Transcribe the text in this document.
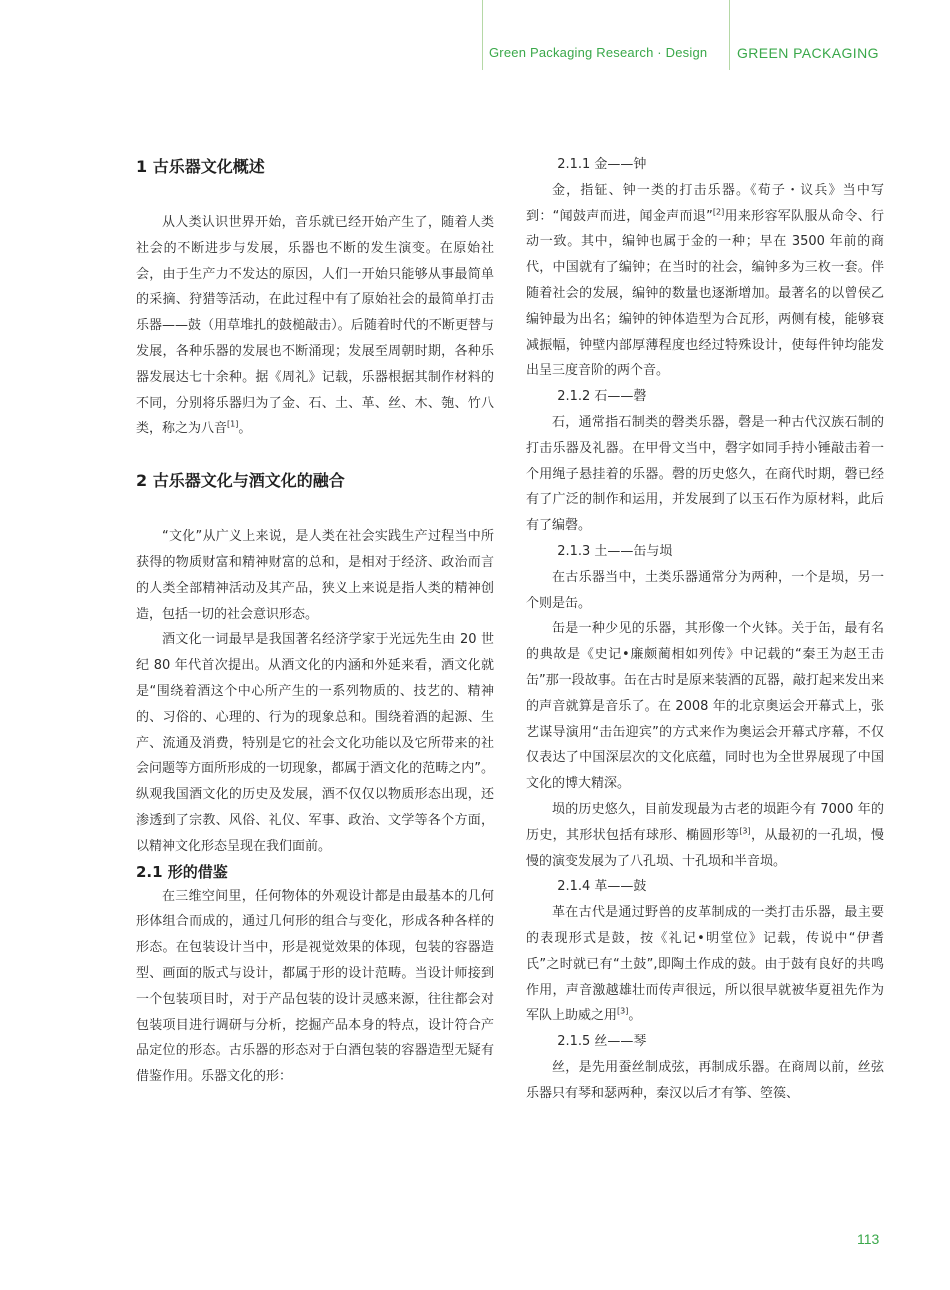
Green Packaging Research · Design GREEN PACKAGING
1 古乐器文化概述

从人类认识世界开始，音乐就已经开始产生了，随着人类社会的不断进步与发展，乐器也不断的发生演变。在原始社会，由于生产力不发达的原因，人们一开始只能够从事最简单的采摘、狩猎等活动，在此过程中有了原始社会的最简单打击乐器——鼓（用草堆扎的鼓槌敲击）。后随着时代的不断更替与发展，各种乐器的发展也不断涌现；发展至周朝时期，各种乐器发展达七十余种。据《周礼》记载，乐器根据其制作材料的不同，分别将乐器归为了金、石、土、革、丝、木、匏、竹八类，称之为八音[1]。

2 古乐器文化与酒文化的融合

“文化”从广义上来说，是人类在社会实践生产过程当中所获得的物质财富和精神财富的总和，是相对于经济、政治而言的人类全部精神活动及其产品，狭义上来说是指人类的精神创造，包括一切的社会意识形态。

酒文化一词最早是我国著名经济学家于光远先生由 20 世纪 80 年代首次提出。从酒文化的内涵和外延来看，酒文化就是“围绕着酒这个中心所产生的一系列物质的、技艺的、精神的、习俗的、心理的、行为的现象总和。围绕着酒的起源、生产、流通及消费，特别是它的社会文化功能以及它所带来的社会问题等方面所形成的一切现象，都属于酒文化的范畴之内”。纵观我国酒文化的历史及发展，酒不仅仅以物质形态出现，还渗透到了宗教、风俗、礼仪、军事、政治、文学等各个方面，以精神文化形态呈现在我们面前。

2.1 形的借鉴

在三维空间里，任何物体的外观设计都是由最基本的几何形体组合而成的，通过几何形的组合与变化，形成各种各样的形态。在包装设计当中，形是视觉效果的体现，包装的容器造型、画面的版式与设计，都属于形的设计范畴。当设计师接到一个包装项目时，对于产品包装的设计灵感来源，往往都会对包装项目进行调研与分析，挖掘产品本身的特点，设计符合产品定位的形态。古乐器的形态对于白酒包装的容器造型无疑有借鉴作用。乐器文化的形：

2.1.1 金——钟

金，指钲、钟一类的打击乐器。《荀子・议兵》当中写到：“闻鼓声而进，闻金声而退”[2]用来形容军队服从命令、行动一致。其中，编钟也属于金的一种；早在 3500 年前的商代，中国就有了编钟；在当时的社会，编钟多为三枚一套。伴随着社会的发展，编钟的数量也逐渐增加。最著名的以曾侯乙编钟最为出名；编钟的钟体造型为合瓦形，两侧有棱，能够衰减振幅，钟壁内部厚薄程度也经过特殊设计，使每件钟均能发出呈三度音阶的两个音。

2.1.2 石——磬

石，通常指石制类的磬类乐器，磬是一种古代汉族石制的打击乐器及礼器。在甲骨文当中，磬字如同手持小锤敲击着一个用绳子悬挂着的乐器。磬的历史悠久，在商代时期，磬已经有了广泛的制作和运用，并发展到了以玉石作为原材料，此后有了编磬。

2.1.3 土——缶与埙

在古乐器当中，土类乐器通常分为两种，一个是埙，另一个则是缶。

缶是一种少见的乐器，其形像一个火钵。关于缶，最有名的典故是《史记•廉颇蔺相如列传》中记载的“秦王为赵王击缶”那一段故事。缶在古时是原来装酒的瓦器，敲打起来发出来的声音就算是音乐了。在 2008 年的北京奥运会开幕式上，张艺谋导演用“击缶迎宾”的方式来作为奥运会开幕式序幕，不仅仅表达了中国深层次的文化底蕴，同时也为全世界展现了中国文化的博大精深。

埙的历史悠久，目前发现最为古老的埙距今有 7000 年的历史，其形状包括有球形、椭圆形等[3]，从最初的一孔埙，慢慢的演变发展为了八孔埙、十孔埙和半音埙。

2.1.4 革——鼓

革在古代是通过野兽的皮革制成的一类打击乐器，最主要的表现形式是鼓，按《礼记•明堂位》记载，传说中“伊耆氏”之时就已有“土鼓”,即陶土作成的鼓。由于鼓有良好的共鸣作用，声音激越雄壮而传声很远，所以很早就被华夏祖先作为军队上助威之用[3]。

2.1.5 丝——琴

丝，是先用蚕丝制成弦，再制成乐器。在商周以前，丝弦乐器只有琴和瑟两种，秦汉以后才有筝、箜篌、

113
